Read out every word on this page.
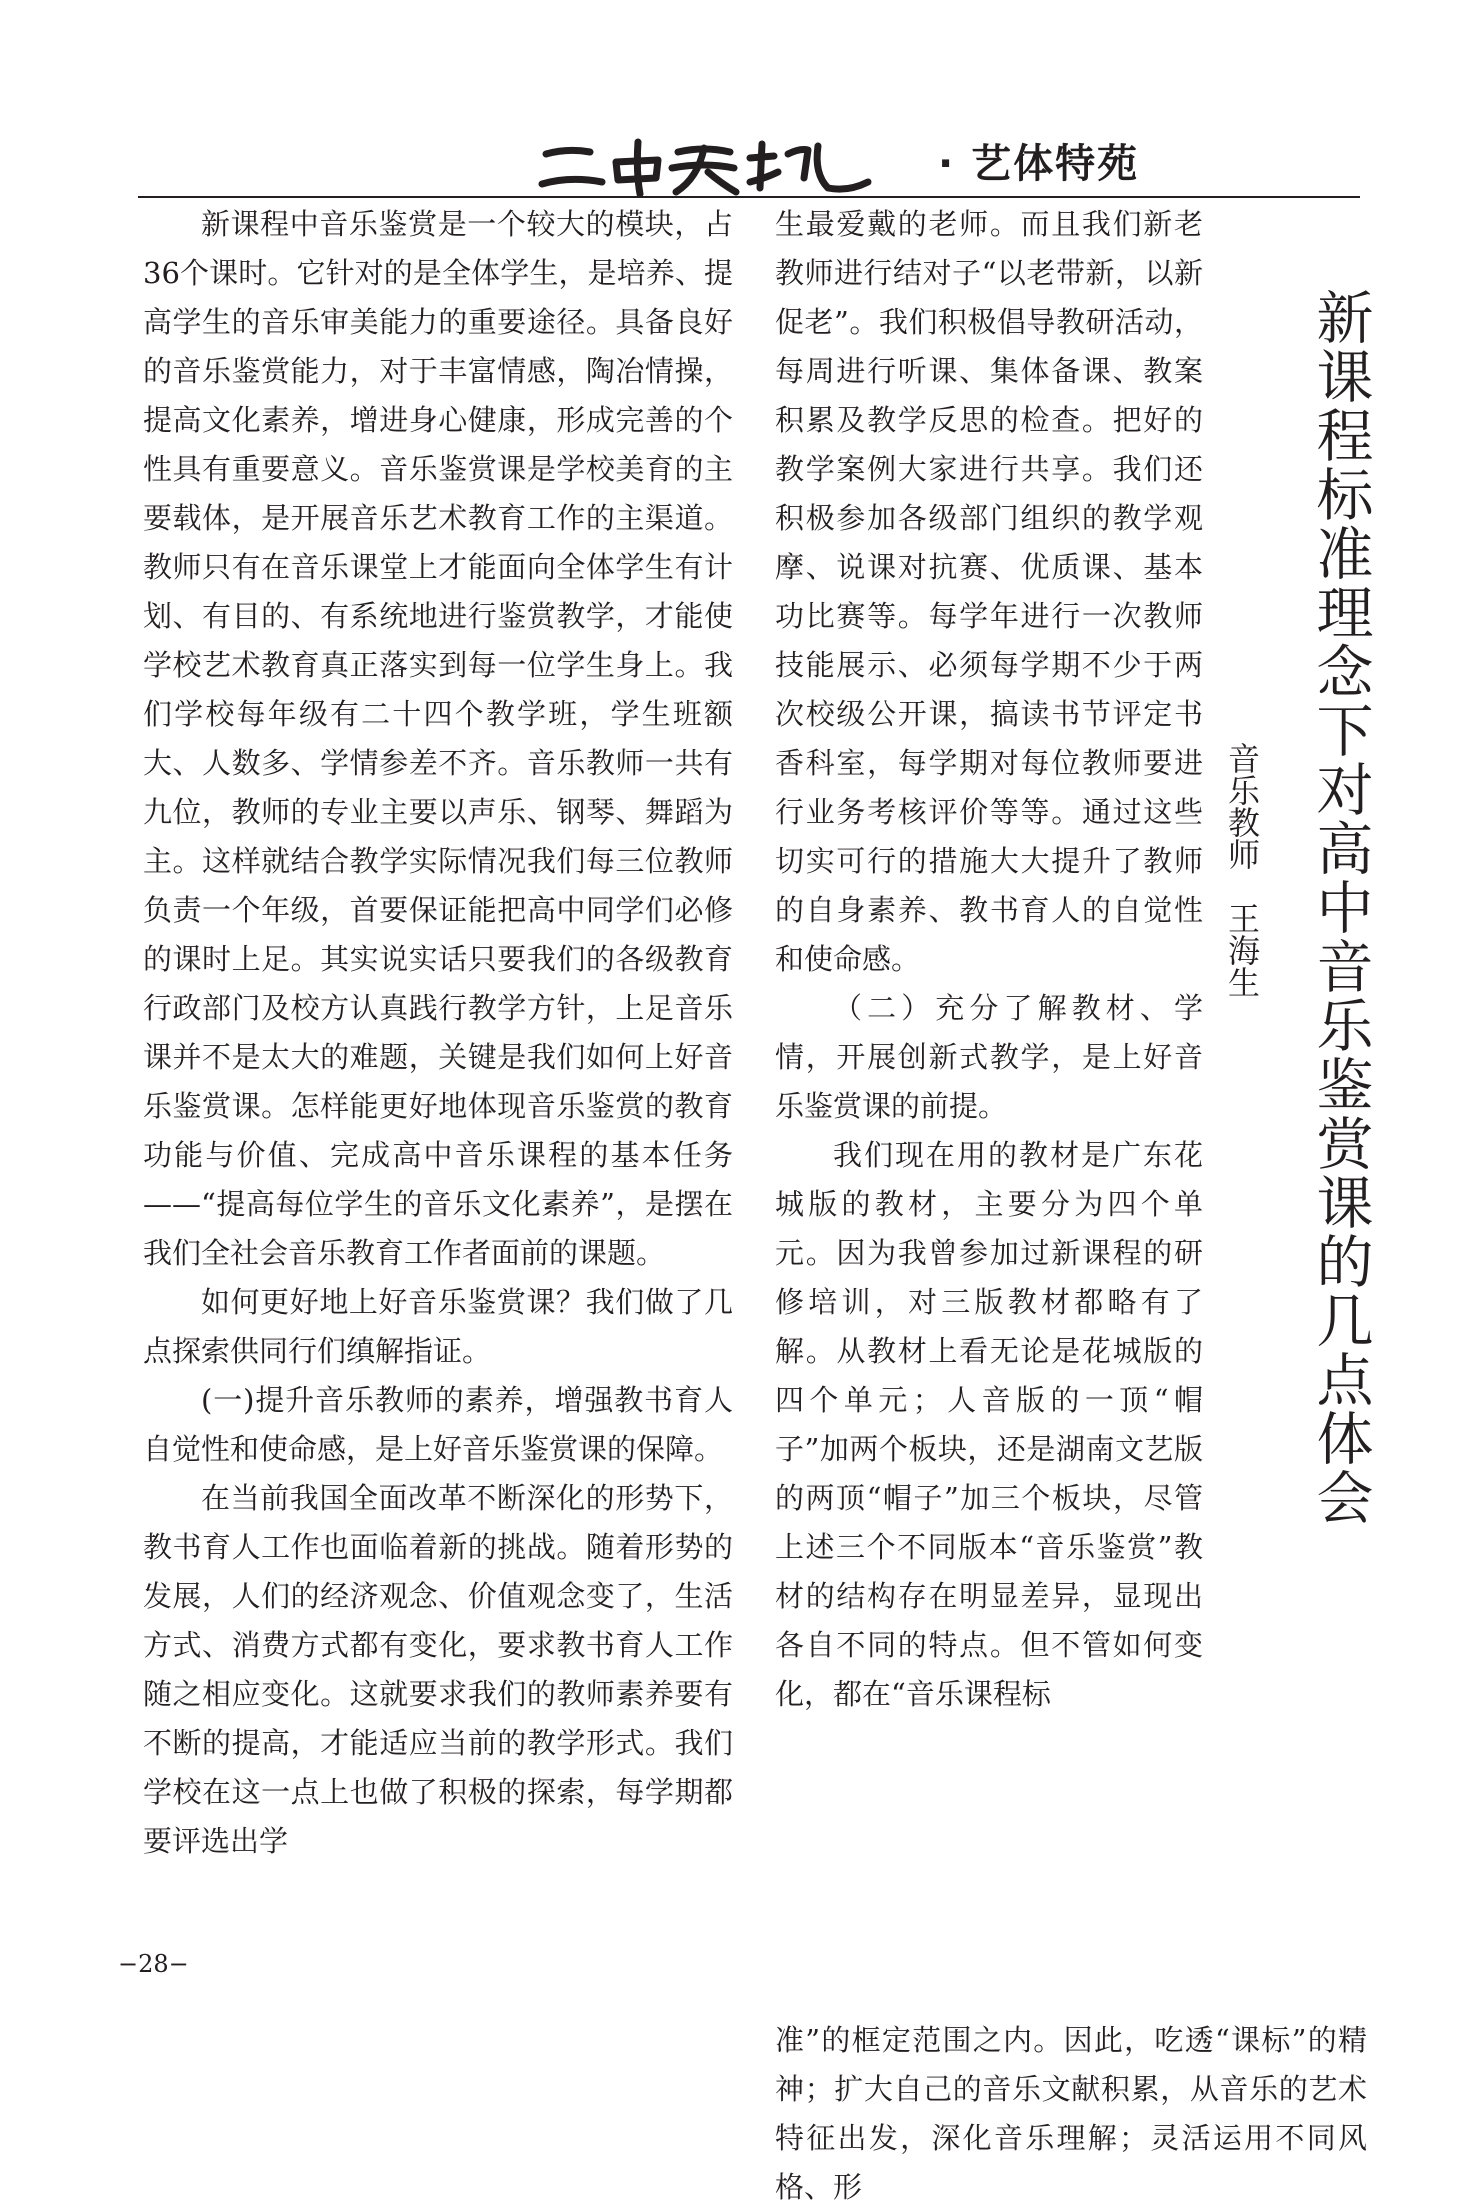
· 艺体特苑

新课程中音乐鉴赏是一个较大的模块，占36个课时。它针对的是全体学生，是培养、提高学生的音乐审美能力的重要途径。具备良好的音乐鉴赏能力，对于丰富情感，陶冶情操，提高文化素养，增进身心健康，形成完善的个性具有重要意义。音乐鉴赏课是学校美育的主要载体，是开展音乐艺术教育工作的主渠道。教师只有在音乐课堂上才能面向全体学生有计划、有目的、有系统地进行鉴赏教学，才能使学校艺术教育真正落实到每一位学生身上。我们学校每年级有二十四个教学班，学生班额大、人数多、学情参差不齐。音乐教师一共有九位，教师的专业主要以声乐、钢琴、舞蹈为主。这样就结合教学实际情况我们每三位教师负责一个年级，首要保证能把高中同学们必修的课时上足。其实说实话只要我们的各级教育行政部门及校方认真践行教学方针，上足音乐课并不是太大的难题，关键是我们如何上好音乐鉴赏课。怎样能更好地体现音乐鉴赏的教育功能与价值、完成高中音乐课程的基本任务——“提高每位学生的音乐文化素养”，是摆在我们全社会音乐教育工作者面前的课题。

如何更好地上好音乐鉴赏课？我们做了几点探索供同行们缜解指证。

(一)提升音乐教师的素养，增强教书育人自觉性和使命感，是上好音乐鉴赏课的保障。

在当前我国全面改革不断深化的形势下，教书育人工作也面临着新的挑战。随着形势的发展，人们的经济观念、价值观念变了，生活方式、消费方式都有变化，要求教书育人工作随之相应变化。这就要求我们的教师素养要有不断的提高，才能适应当前的教学形式。我们学校在这一点上也做了积极的探索，每学期都要评选出学

生最爱戴的老师。而且我们新老教师进行结对子“以老带新，以新促老”。我们积极倡导教研活动，每周进行听课、集体备课、教案积累及教学反思的检查。把好的教学案例大家进行共享。我们还积极参加各级部门组织的教学观摩、说课对抗赛、优质课、基本功比赛等。每学年进行一次教师技能展示、必须每学期不少于两次校级公开课，搞读书节评定书香科室，每学期对每位教师要进行业务考核评价等等。通过这些切实可行的措施大大提升了教师的自身素养、教书育人的自觉性和使命感。

（二）充分了解教材、学情，开展创新式教学，是上好音乐鉴赏课的前提。

我们现在用的教材是广东花城版的教材，主要分为四个单元。因为我曾参加过新课程的研修培训，对三版教材都略有了解。从教材上看无论是花城版的四个单元；人音版的一顶“帽子”加两个板块，还是湖南文艺版的两顶“帽子”加三个板块，尽管上述三个不同版本“音乐鉴赏”教材的结构存在明显差异，显现出各自不同的特点。但不管如何变化，都在“音乐课程标

准”的框定范围之内。因此，吃透“课标”的精神；扩大自己的音乐文献积累，从音乐的艺术特征出发，深化音乐理解；灵活运用不同风格、形

新课程标准理念下对高中音乐鉴赏课的几点体会
音乐教师　王海生
−28−
